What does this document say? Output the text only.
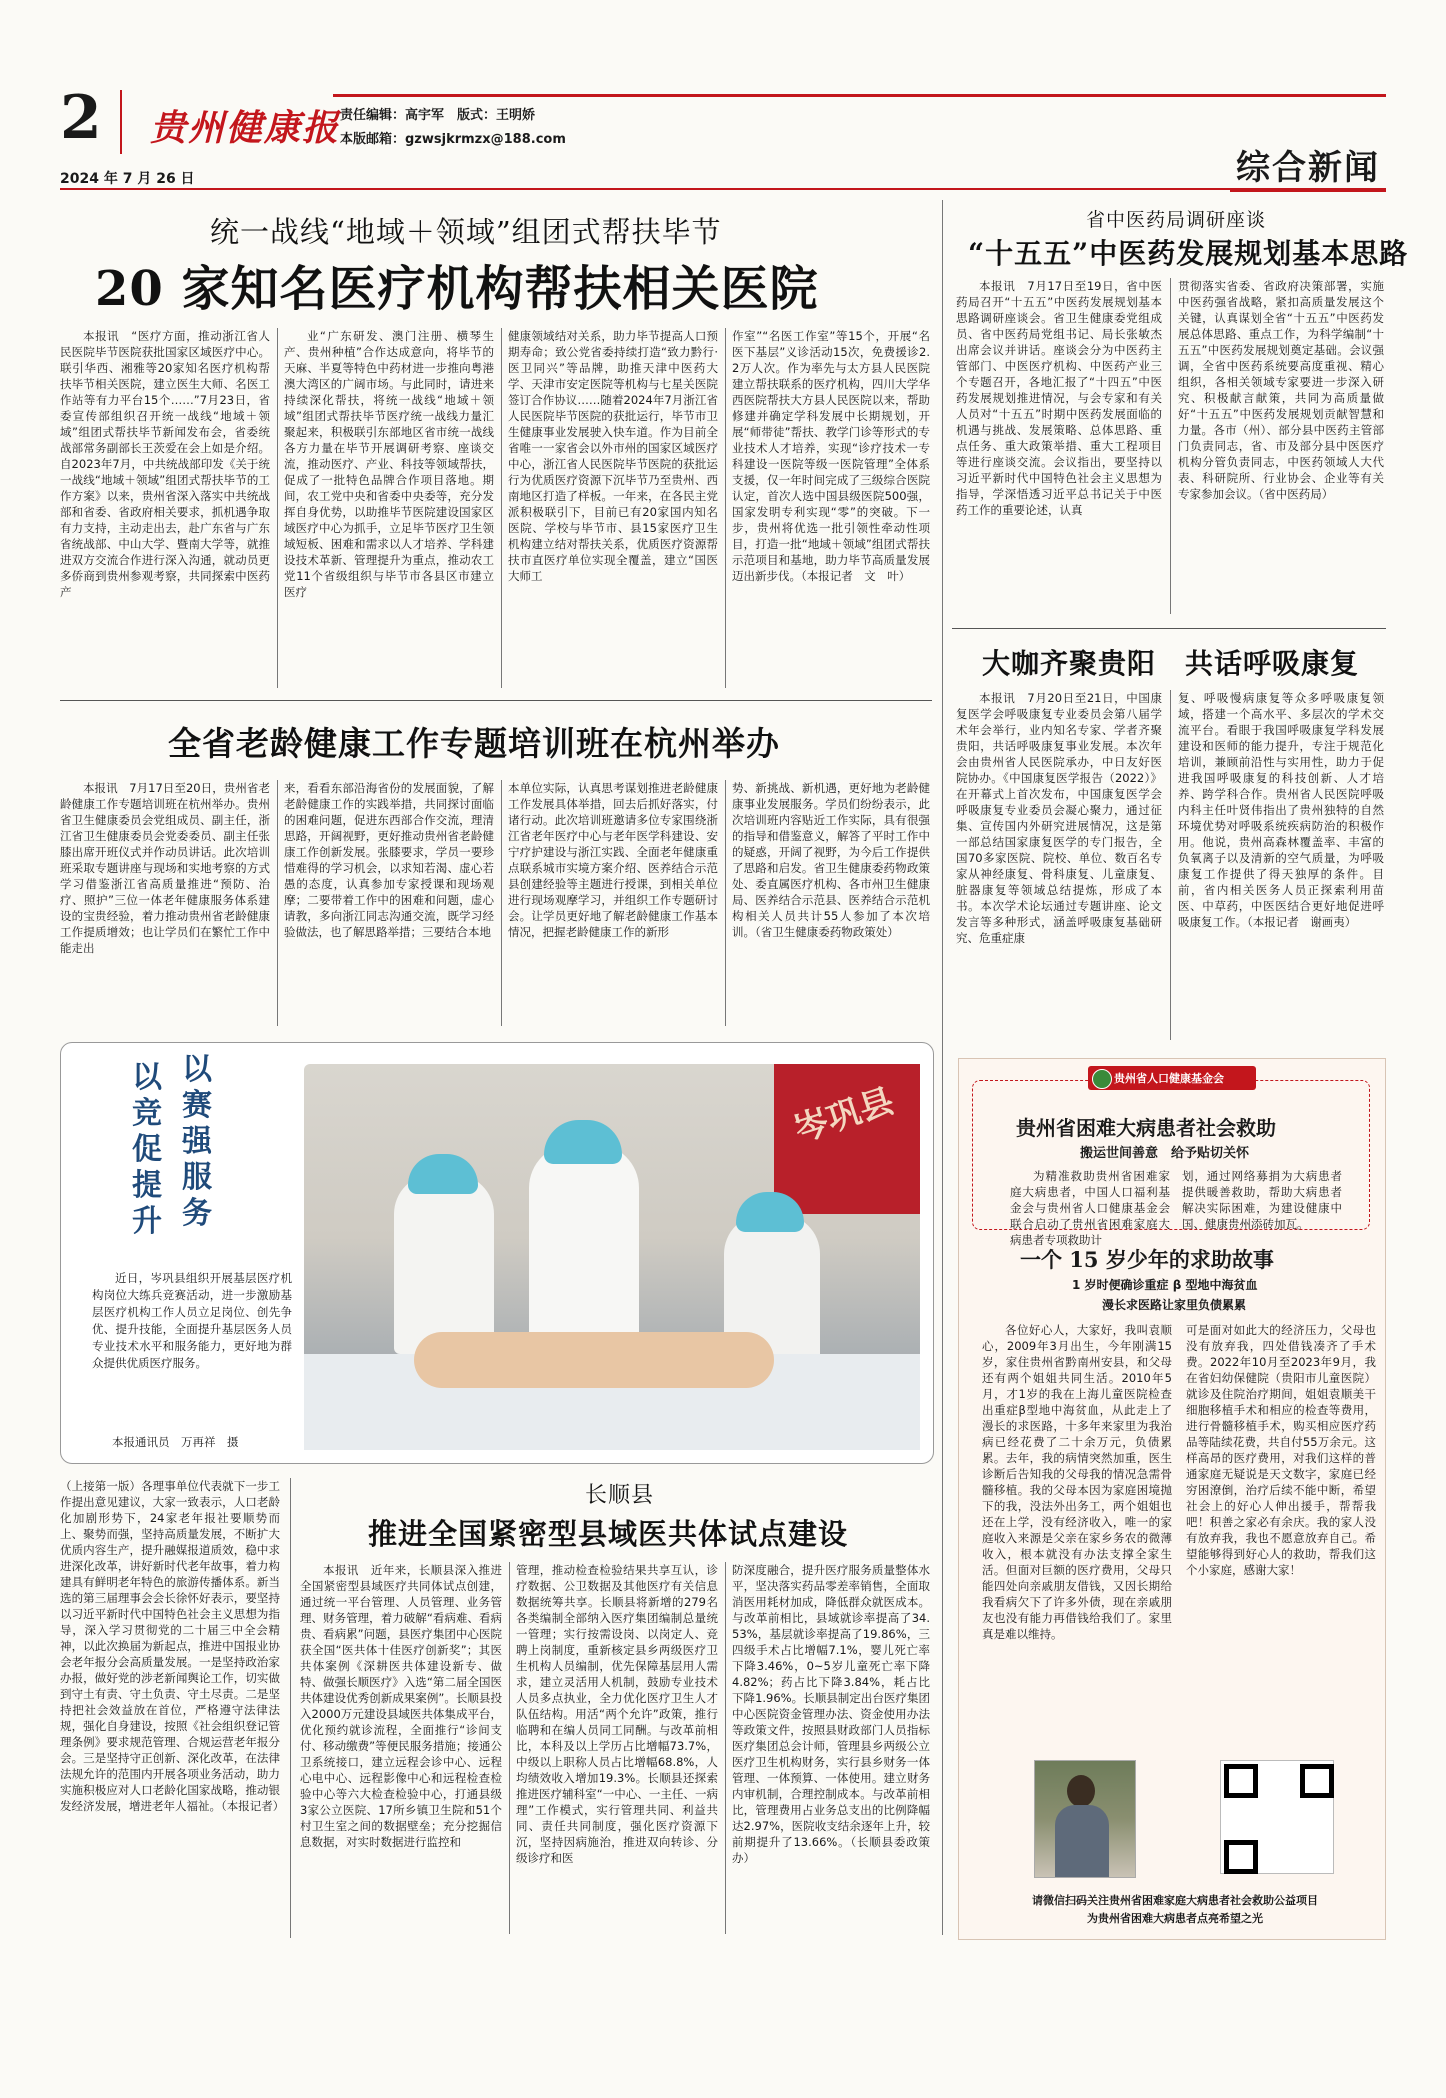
2 贵州健康报 责任编辑：高宇军　版式：王明娇
本版邮箱：gzwsjkrmzx@188.com
2024 年 7 月 26 日	综合新闻
统一战线“地域＋领域”组团式帮扶毕节
20 家知名医疗机构帮扶相关医院
本报讯　“医疗方面，推动浙江省人民医院毕节医院获批国家区域医疗中心。联引华西、湘雅等20家知名医疗机构帮扶毕节相关医院，建立医生大师、名医工作站等有力平台15个……”7月23日，省委宣传部组织召开统一战线“地域＋领域”组团式帮扶毕节新闻发布会，省委统战部常务副部长王茨爱在会上如是介绍。自2023年7月，中共统战部印发《关于统一战线“地域＋领域”组团式帮扶毕节的工作方案》以来，贵州省深入落实中共统战部和省委、省政府相关要求，抓机遇争取有力支持，主动走出去，赴广东省与广东省统战部、中山大学、暨南大学等，就推进双方交流合作进行深入沟通，就动员更多侨商到贵州参观考察，共同探索中医药产
业“广东研发、澳门注册、横琴生产、贵州种植”合作达成意向，将毕节的天麻、半夏等特色中药材进一步推向粤港澳大湾区的广阔市场。与此同时，请进来持续深化帮扶，将统一战线“地域＋领域”组团式帮扶毕节医疗统一战线力量汇聚起来，积极联引东部地区省市统一战线各方力量在毕节开展调研考察、座谈交流，推动医疗、产业、科技等领域帮扶，促成了一批特色品牌合作项目落地。期间，农工党中央和省委中央委等，充分发挥自身优势，以助推毕节医院建设国家区域医疗中心为抓手，立足毕节医疗卫生领域短板、困难和需求以人才培养、学科建设技术革新、管理提升为重点，推动农工党11个省级组织与毕节市各县区市建立医疗
健康领域结对关系，助力毕节提高人口预期寿命；致公党省委持续打造“致力黔行·医卫同兴”等品牌，助推天津中医药大学、天津市安定医院等机构与七星关医院签订合作协议……随着2024年7月浙江省人民医院毕节医院的获批运行，毕节市卫生健康事业发展驶入快车道。作为目前全省唯一一家省会以外市州的国家区域医疗中心，浙江省人民医院毕节医院的获批运行为优质医疗资源下沉毕节乃至贵州、西南地区打造了样板。一年来，在各民主党派积极联引下，目前已有20家国内知名医院、学校与毕节市、县15家医疗卫生机构建立结对帮扶关系，优质医疗资源帮扶市直医疗单位实现全覆盖，建立“国医大师工
作室”“名医工作室”等15个，开展“名医下基层”义诊活动15次，免费援诊2.2万人次。作为率先与太方县人民医院建立帮扶联系的医疗机构，四川大学华西医院帮扶大方县人民医院以来，帮助修建并确定学科发展中长期规划，开展“师带徒”帮扶、教学门诊等形式的专业技术人才培养，实现“诊疗技术一专科建设一医院等级一医院管理”全体系支援，仅一年时间完成了三级综合医院认定，首次人选中国县级医院500强，国家发明专利实现“零”的突破。下一步，贵州将优选一批引领性牵动性项目，打造一批“地域＋领域”组团式帮扶示范项目和基地，助力毕节高质量发展迈出新步伐。（本报记者　文　叶）
省中医药局调研座谈
“十五五”中医药发展规划基本思路
本报讯　7月17日至19日，省中医药局召开“十五五”中医药发展规划基本思路调研座谈会。省卫生健康委党组成员、省中医药局党组书记、局长张敏杰出席会议并讲话。座谈会分为中医药主管部门、中医医疗机构、中医药产业三个专题召开，各地汇报了“十四五”中医药发展规划推进情况，与会专家和有关人员对“十五五”时期中医药发展面临的机遇与挑战、发展策略、总体思路、重点任务、重大政策举措、重大工程项目等进行座谈交流。会议指出，要坚持以习近平新时代中国特色社会主义思想为指导，学深悟透习近平总书记关于中医药工作的重要论述，认真
贯彻落实省委、省政府决策部署，实施中医药强省战略，紧扣高质量发展这个关键，认真谋划全省“十五五”中医药发展总体思路、重点工作，为科学编制“十五五”中医药发展规划奠定基础。会议强调，全省中医药系统要高度重视、精心组织，各相关领域专家要进一步深入研究、积极献言献策，共同为高质量做好“十五五”中医药发展规划贡献智慧和力量。各市（州）、部分县中医药主管部门负责同志，省、市及部分县中医医疗机构分管负责同志，中医药领域人大代表、科研院所、行业协会、企业等有关专家参加会议。（省中医药局）
大咖齐聚贵阳　共话呼吸康复
本报讯　7月20日至21日，中国康复医学会呼吸康复专业委员会第八届学术年会举行，业内知名专家、学者齐聚贵阳，共话呼吸康复事业发展。本次年会由贵州省人民医院承办，中日友好医院协办。《中国康复医学报告（2022）》在开幕式上首次发布，中国康复医学会呼吸康复专业委员会凝心聚力，通过征集、宣传国内外研究进展情况，这是第一部总结国家康复医学的专门报告，全国70多家医院、院校、单位、数百名专家从神经康复、骨科康复、儿童康复、脏器康复等领域总结提炼，形成了本书。本次学术论坛通过专题讲座、论文发言等多种形式，涵盖呼吸康复基础研究、危重症康
复、呼吸慢病康复等众多呼吸康复领域，搭建一个高水平、多层次的学术交流平台。看眼于我国呼吸康复学科发展建设和医师的能力提升，专注于规范化培训，兼顾前沿性与实用性，助力于促进我国呼吸康复的科技创新、人才培养、跨学科合作。贵州省人民医院呼吸内科主任叶贤伟指出了贵州独特的自然环境优势对呼吸系统疾病防治的积极作用。他说，贵州高森林覆盖率、丰富的负氧离子以及清新的空气质量，为呼吸康复工作提供了得天独厚的条件。目前，省内相关医务人员正探索利用苗医、中草药，中医医结合更好地促进呼吸康复工作。（本报记者　谢画夷）
全省老龄健康工作专题培训班在杭州举办
本报讯　7月17日至20日，贵州省老龄健康工作专题培训班在杭州举办。贵州省卫生健康委员会党组成员、副主任，浙江省卫生健康委员会党委委员、副主任张膝出席开班仪式并作动员讲话。此次培训班采取专题讲座与现场和实地考察的方式学习借鉴浙江省高质量推进“预防、治疗、照护”三位一体老年健康服务体系建设的宝贵经验，着力推动贵州省老龄健康工作提质增效；也让学员们在繁忙工作中能走出
来，看看东部沿海省份的发展面貌，了解老龄健康工作的实践举措，共同探讨面临的困难问题，促进东西部合作交流，理清思路，开阔视野，更好推动贵州省老龄健康工作创新发展。张膝要求，学员一要珍惜难得的学习机会，以求知若渴、虚心若愚的态度，认真参加专家授课和现场观摩；二要带着工作中的困难和问题，虚心请教，多向浙江同志沟通交流，既学习经验做法，也了解思路举措；三要结合本地
本单位实际，认真思考谋划推进老龄健康工作发展具体举措，回去后抓好落实，付诸行动。此次培训班邀请多位专家围绕浙江省老年医疗中心与老年医学科建设、安宁疗护建设与浙江实践、全面老年健康重点联系城市实境方案介绍、医养结合示范县创建经验等主题进行授课，到相关单位进行现场观摩学习，并组织工作专题研讨会。让学员更好地了解老龄健康工作基本情况，把握老龄健康工作的新形
势、新挑战、新机遇，更好地为老龄健康事业发展服务。学员们纷纷表示，此次培训班内容贴近工作实际，具有很强的指导和借鉴意义，解答了平时工作中的疑惑，开阔了视野，为今后工作提供了思路和启发。省卫生健康委药物政策处、委直属医疗机构、各市州卫生健康局、医养结合示范县、医养结合示范机构相关人员共计55人参加了本次培训。（省卫生健康委药物政策处）
以竞促提升
以赛强服务
近日，岑巩县组织开展基层医疗机构岗位大练兵竞赛活动，进一步激励基层医疗机构工作人员立足岗位、创先争优、提升技能，全面提升基层医务人员专业技术水平和服务能力，更好地为群众提供优质医疗服务。
本报通讯员　万再祥　摄
岑巩县
（上接第一版）各理事单位代表就下一步工作提出意见建议，大家一致表示，人口老龄化加剧形势下，24家老年报社要顺势而上、聚势而强，坚持高质量发展，不断扩大优质内容生产，提升融媒报道质效，稳中求进深化改革，讲好新时代老年故事，着力构建具有鲜明老年特色的旅游传播体系。新当选的第三届理事会会长徐怀好表示，要坚持以习近平新时代中国特色社会主义思想为指导，深入学习贯彻党的二十届三中全会精神，以此次换届为新起点，推进中国报业协会老年报分会高质量发展。一是坚持政治家办报，做好党的涉老新闻舆论工作，切实做到守土有责、守土负责、守土尽责。二是坚持把社会效益放在首位，严格遵守法律法规，强化自身建设，按照《社会组织登记管理条例》要求规范管理、合规运营老年报分会。三是坚持守正创新、深化改革，在法律法规允许的范围内开展各项业务活动，助力实施积极应对人口老龄化国家战略，推动银发经济发展，增进老年人福祉。（本报记者）
长顺县
推进全国紧密型县域医共体试点建设
本报讯　近年来，长顺县深入推进全国紧密型县域医疗共同体试点创建，通过统一平台管理、人员管理、业务管理、财务管理，着力破解“看病难、看病贵、看病累”问题，县医疗集团中心医院获全国“医共体十佳医疗创新奖”；其医共体案例《深耕医共体建设新专、做特、做强长顺医疗》入选“第二届全国医共体建设优秀创新成果案例”。长顺县投入2000万元建设县域医共体集成平台，优化预约就诊流程，全面推行“诊间支付、移动缴费”等便民服务措施；接通公卫系统接口，建立远程会诊中心、远程心电中心、远程影像中心和远程检查检验中心等六大检查检验中心，打通县级3家公立医院、17所乡镇卫生院和51个村卫生室之间的数据壁垒；充分挖掘信息数据，对实时数据进行监控和
管理，推动检查检验结果共享互认，诊疗数据、公卫数据及其他医疗有关信息数据统筹共享。长顺县将新增的279名各类编制全部纳入医疗集团编制总量统一管理；实行按需设岗、以岗定人、竞聘上岗制度，重新核定县乡两级医疗卫生机构人员编制，优先保障基层用人需求，建立灵活用人机制，鼓励专业技术人员多点执业，全力优化医疗卫生人才队伍结构。用活“两个允许”政策，推行临聘和在编人员同工同酬。与改革前相比，本科及以上学历占比增幅73.7%，中级以上职称人员占比增幅68.8%，人均绩效收入增加19.3%。长顺县还探索推进医疗辅科室“一中心、一主任、一病理”工作模式，实行管理共同、利益共同、责任共同制度，强化医疗资源下沉，坚持因病施治，推进双向转诊、分级诊疗和医
防深度融合，提升医疗服务质量整体水平，坚决落实药品零差率销售，全面取消医用耗材加成，降低群众就医成本。与改革前相比，县域就诊率提高了34.53%，基层就诊率提高了19.86%，三四级手术占比增幅7.1%，婴儿死亡率下降3.46%，0~5岁儿童死亡率下降4.82%；药占比下降3.84%，耗占比下降1.96%。长顺县制定出台医疗集团中心医院资金管理办法、资金使用办法等政策文件，按照县财政部门人员指标医疗集团总会计师，管理县乡两级公立医疗卫生机构财务，实行县乡财务一体管理、一体预算、一体使用。建立财务内审机制，合理控制成本。与改革前相比，管理费用占业务总支出的比例降幅达2.97%，医院收支结余逐年上升，较前期提升了13.66%。（长顺县委政策办）
贵州省人口健康基金会
贵州省困难大病患者社会救助
搬运世间善意　给予贴切关怀
为精准救助贵州省困难家庭大病患者，中国人口福利基金会与贵州省人口健康基金会联合启动了贵州省困难家庭大病患者专项救助计
划，通过网络募捐为大病患者提供暖善救助，帮助大病患者解决实际困难，为建设健康中国、健康贵州添砖加瓦。
一个 15 岁少年的求助故事
1 岁时便确诊重症 β 型地中海贫血
漫长求医路让家里负债累累
各位好心人，大家好，我叫袁顺心，2009年3月出生，今年刚满15岁，家住贵州省黔南州安县，和父母还有两个姐姐共同生活。2010年5月，才1岁的我在上海儿童医院检查出重症β型地中海贫血，从此走上了漫长的求医路，十多年来家里为我治病已经花费了二十余万元，负债累累。去年，我的病情突然加重，医生诊断后告知我的父母我的情况急需骨髓移植。我的父母本因为家庭困境抛下的我，没法外出务工，两个姐姐也还在上学，没有经济收入，唯一的家庭收入来源是父亲在家乡务农的微薄收入，根本就没有办法支撑全家生活。但面对巨额的医疗费用，父母只能四处向亲戚朋友借钱，又因长期给我看病欠下了许多外债，现在亲戚朋友也没有能力再借钱给我们了。家里真是难以维持。
可是面对如此大的经济压力，父母也没有放弃我，四处借钱凑齐了手术费。2022年10月至2023年9月，我在省妇幼保健院（贵阳市儿童医院）就诊及住院治疗期间，姐姐袁顺美干细胞移植手术和相应的检查等费用，进行骨髓移植手术，购买相应医疗药品等陆续花费，共自付55万余元。这样高昂的医疗费用，对我们这样的普通家庭无疑说是天文数字，家庭已经穷困潦倒，治疗后续不能中断，希望社会上的好心人伸出援手，帮帮我吧！积善之家必有余庆。我的家人没有放弃我，我也不愿意放弃自己。希望能够得到好心人的救助，帮我们这个小家庭，感谢大家！
请微信扫码关注贵州省困难家庭大病患者社会救助公益项目
为贵州省困难大病患者点亮希望之光
